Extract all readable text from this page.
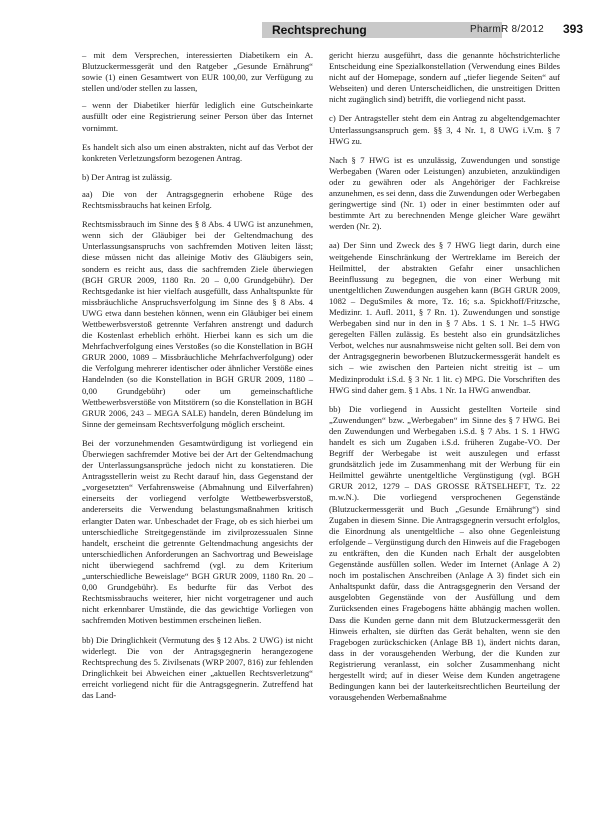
Rechtsprechung	PharmR 8/2012 393

– mit dem Versprechen, interessierten Diabetikern ein A. Blutzuckermessgerät und den Ratgeber „Gesunde Ernährung“ sowie (1) einen Gesamtwert von EUR 100,00, zur Verfügung zu stellen und/oder stellen zu lassen,

– wenn der Diabetiker hierfür lediglich eine Gutscheinkarte ausfüllt oder eine Registrierung seiner Person über das Internet vornimmt.

Es handelt sich also um einen abstrakten, nicht auf das Verbot der konkreten Verletzungsform bezogenen Antrag.

b) Der Antrag ist zulässig.

aa) Die von der Antragsgegnerin erhobene Rüge des Rechtsmissbrauchs hat keinen Erfolg.

Rechtsmissbrauch im Sinne des § 8 Abs. 4 UWG ist anzunehmen, wenn sich der Gläubiger bei der Geltendmachung des Unterlassungsanspruchs von sachfremden Motiven leiten lässt; diese müssen nicht das alleinige Motiv des Gläubigers sein, sondern es reicht aus, dass die sachfremden Ziele überwiegen (BGH GRUR 2009, 1180 Rn. 20 – 0,00 Grundgebühr). Der Rechtsgedanke ist hier vielfach ausgefüllt, dass Anhaltspunkte für missbräuchliche Anspruchsverfolgung im Sinne des § 8 Abs. 4 UWG etwa dann bestehen können, wenn ein Gläubiger bei einem Wettbewerbsverstoß getrennte Verfahren anstrengt und dadurch die Kostenlast erheblich erhöht. Hierbei kann es sich um die Mehrfachverfolgung eines Verstoßes (so die Konstellation in BGH GRUR 2000, 1089 – Missbräuchliche Mehrfachverfolgung) oder die Verfolgung mehrerer identischer oder ähnlicher Verstöße eines Handelnden (so die Konstellation in BGH GRUR 2009, 1180 – 0,00 Grundgebühr) oder um gemeinschaftliche Wettbewerbsverstöße von Mitstörern (so die Konstellation in BGH GRUR 2006, 243 – MEGA SALE) handeln, deren Bündelung im Sinne der gemeinsam Rechtsverfolgung möglich erscheint.

Bei der vorzunehmenden Gesamtwürdigung ist vorliegend ein Überwiegen sachfremder Motive bei der Art der Geltendmachung der Unterlassungsansprüche jedoch nicht zu konstatieren. Die Antragsstellerin weist zu Recht darauf hin, dass Gegenstand der „vorgesetzten“ Verfahrensweise (Abmahnung und Eilverfahren) einerseits der vorliegend verfolgte Wettbewerbsverstoß, andererseits die Verwendung belastungsmaßnahmen kritisch erlangter Daten war. Unbeschadet der Frage, ob es sich hierbei um unterschiedliche Streitgegenstände im zivilprozessualen Sinne handelt, erscheint die getrennte Geltendmachung angesichts der unterschiedlichen Anforderungen an Sachvortrag und Beweislage nicht überwiegend sachfremd (vgl. zu dem Kriterium „unterschiedliche Beweislage“ BGH GRUR 2009, 1180 Rn. 20 – 0,00 Grundgebühr). Es bedurfte für das Verbot des Rechtsmissbrauchs weiterer, hier nicht vorgetragener und auch nicht erkennbarer Umstände, die das gewichtige Vorliegen von sachfremden Motiven bestimmen erscheinen ließen.

bb) Die Dringlichkeit (Vermutung des § 12 Abs. 2 UWG) ist nicht widerlegt. Die von der Antragsgegnerin herangezogene Rechtsprechung des 5. Zivilsenats (WRP 2007, 816) zur fehlenden Dringlichkeit bei Abweichen einer „aktuellen Rechtsverletzung“ erreicht vorliegend nicht für die Antragsgegnerin. Zutreffend hat das Land-

gericht hierzu ausgeführt, dass die genannte höchstrichterliche Entscheidung eine Spezialkonstellation (Verwendung eines Bildes nicht auf der Homepage, sondern auf „tiefer liegende Seiten“ auf Webseiten) und deren Unterscheidlichen, die unstreitigen Dritten nicht zugänglich sind) betrifft, die vorliegend nicht passt.

c) Der Antragsteller steht dem ein Antrag zu abgeltendgemachter Unterlassungsanspruch gem. §§ 3, 4 Nr. 1, 8 UWG i.V.m. § 7 HWG zu.

Nach § 7 HWG ist es unzulässig, Zuwendungen und sonstige Werbegaben (Waren oder Leistungen) anzubieten, anzukündigen oder zu gewähren oder als Angehöriger der Fachkreise anzunehmen, es sei denn, dass die Zuwendungen oder Werbegaben geringwertige sind (Nr. 1) oder in einer bestimmten oder auf bestimmte Art zu berechnenden Menge gleicher Ware gewährt werden (Nr. 2).

aa) Der Sinn und Zweck des § 7 HWG liegt darin, durch eine weitgehende Einschränkung der Wertreklame im Bereich der Heilmittel, der abstrakten Gefahr einer unsachlichen Beeinflussung zu begegnen, die von einer Werbung mit unentgeltlichen Zuwendungen ausgehen kann (BGH GRUR 2009, 1082 – DeguSmiles & more, Tz. 16; s.a. Spickhoff/Fritzsche, Medizinr. 1. Aufl. 2011, § 7 Rn. 1). Zuwendungen und sonstige Werbegaben sind nur in den in § 7 Abs. 1 S. 1 Nr. 1–5 HWG geregelten Fällen zulässig. Es besteht also ein grundsätzliches Verbot, welches nur ausnahmsweise nicht gelten soll. Bei dem von der Antragsgegnerin beworbenen Blutzuckermessgerät handelt es sich – wie zwischen den Parteien nicht streitig ist – um Medizinprodukt i.S.d. § 3 Nr. 1 lit. c) MPG. Die Vorschriften des HWG sind daher gem. § 1 Abs. 1 Nr. 1a HWG anwendbar.

bb) Die vorliegend in Aussicht gestellten Vorteile sind „Zuwendungen“ bzw. „Werbegaben“ im Sinne des § 7 HWG. Bei den Zuwendungen und Werbegaben i.S.d. § 7 Abs. 1 S. 1 HWG handelt es sich um Zugaben i.S.d. früheren Zugabe-VO. Der Begriff der Werbegabe ist weit auszulegen und erfasst grundsätzlich jede im Zusammenhang mit der Werbung für ein Heilmittel gewährte unentgeltliche Vergünstigung (vgl. BGH GRUR 2012, 1279 – DAS GROSSE RÄTSELHEFT, Tz. 22 m.w.N.). Die vorliegend versprochenen Gegenstände (Blutzuckermessgerät und Buch „Gesunde Ernährung“) sind Zugaben in diesem Sinne. Die Antragsgegnerin versucht erfolglos, die Einordnung als unentgeltliche – also ohne Gegenleistung erfolgende – Vergünstigung durch den Hinweis auf die Fragebogen zu entkräften, den die Kunden nach Erhalt der ausgelobten Gegenstände ausfüllen sollen. Weder im Internet (Anlage A 2) noch im postalischen Anschreiben (Anlage A 3) findet sich ein Anhaltspunkt dafür, dass die Antragsgegnerin den Versand der ausgelobten Gegenstände von der Ausfüllung und dem Zurücksenden eines Fragebogens hätte abhängig machen wollen. Dass die Kunden gerne dann mit dem Blutzuckermessgerät den Hinweis erhalten, sie dürften das Gerät behalten, wenn sie den Fragebogen zurückschicken (Anlage BB 1), ändert nichts daran, dass in der vorausgehenden Werbung, der die Kunden zur Registrierung veranlasst, ein solcher Zusammenhang nicht hergestellt wird; auf in dieser Weise dem Kunden angetragene Bedingungen kann bei der lauterkeitsrechtlichen Beurteilung der vorausgehenden Werbemaßnahme
